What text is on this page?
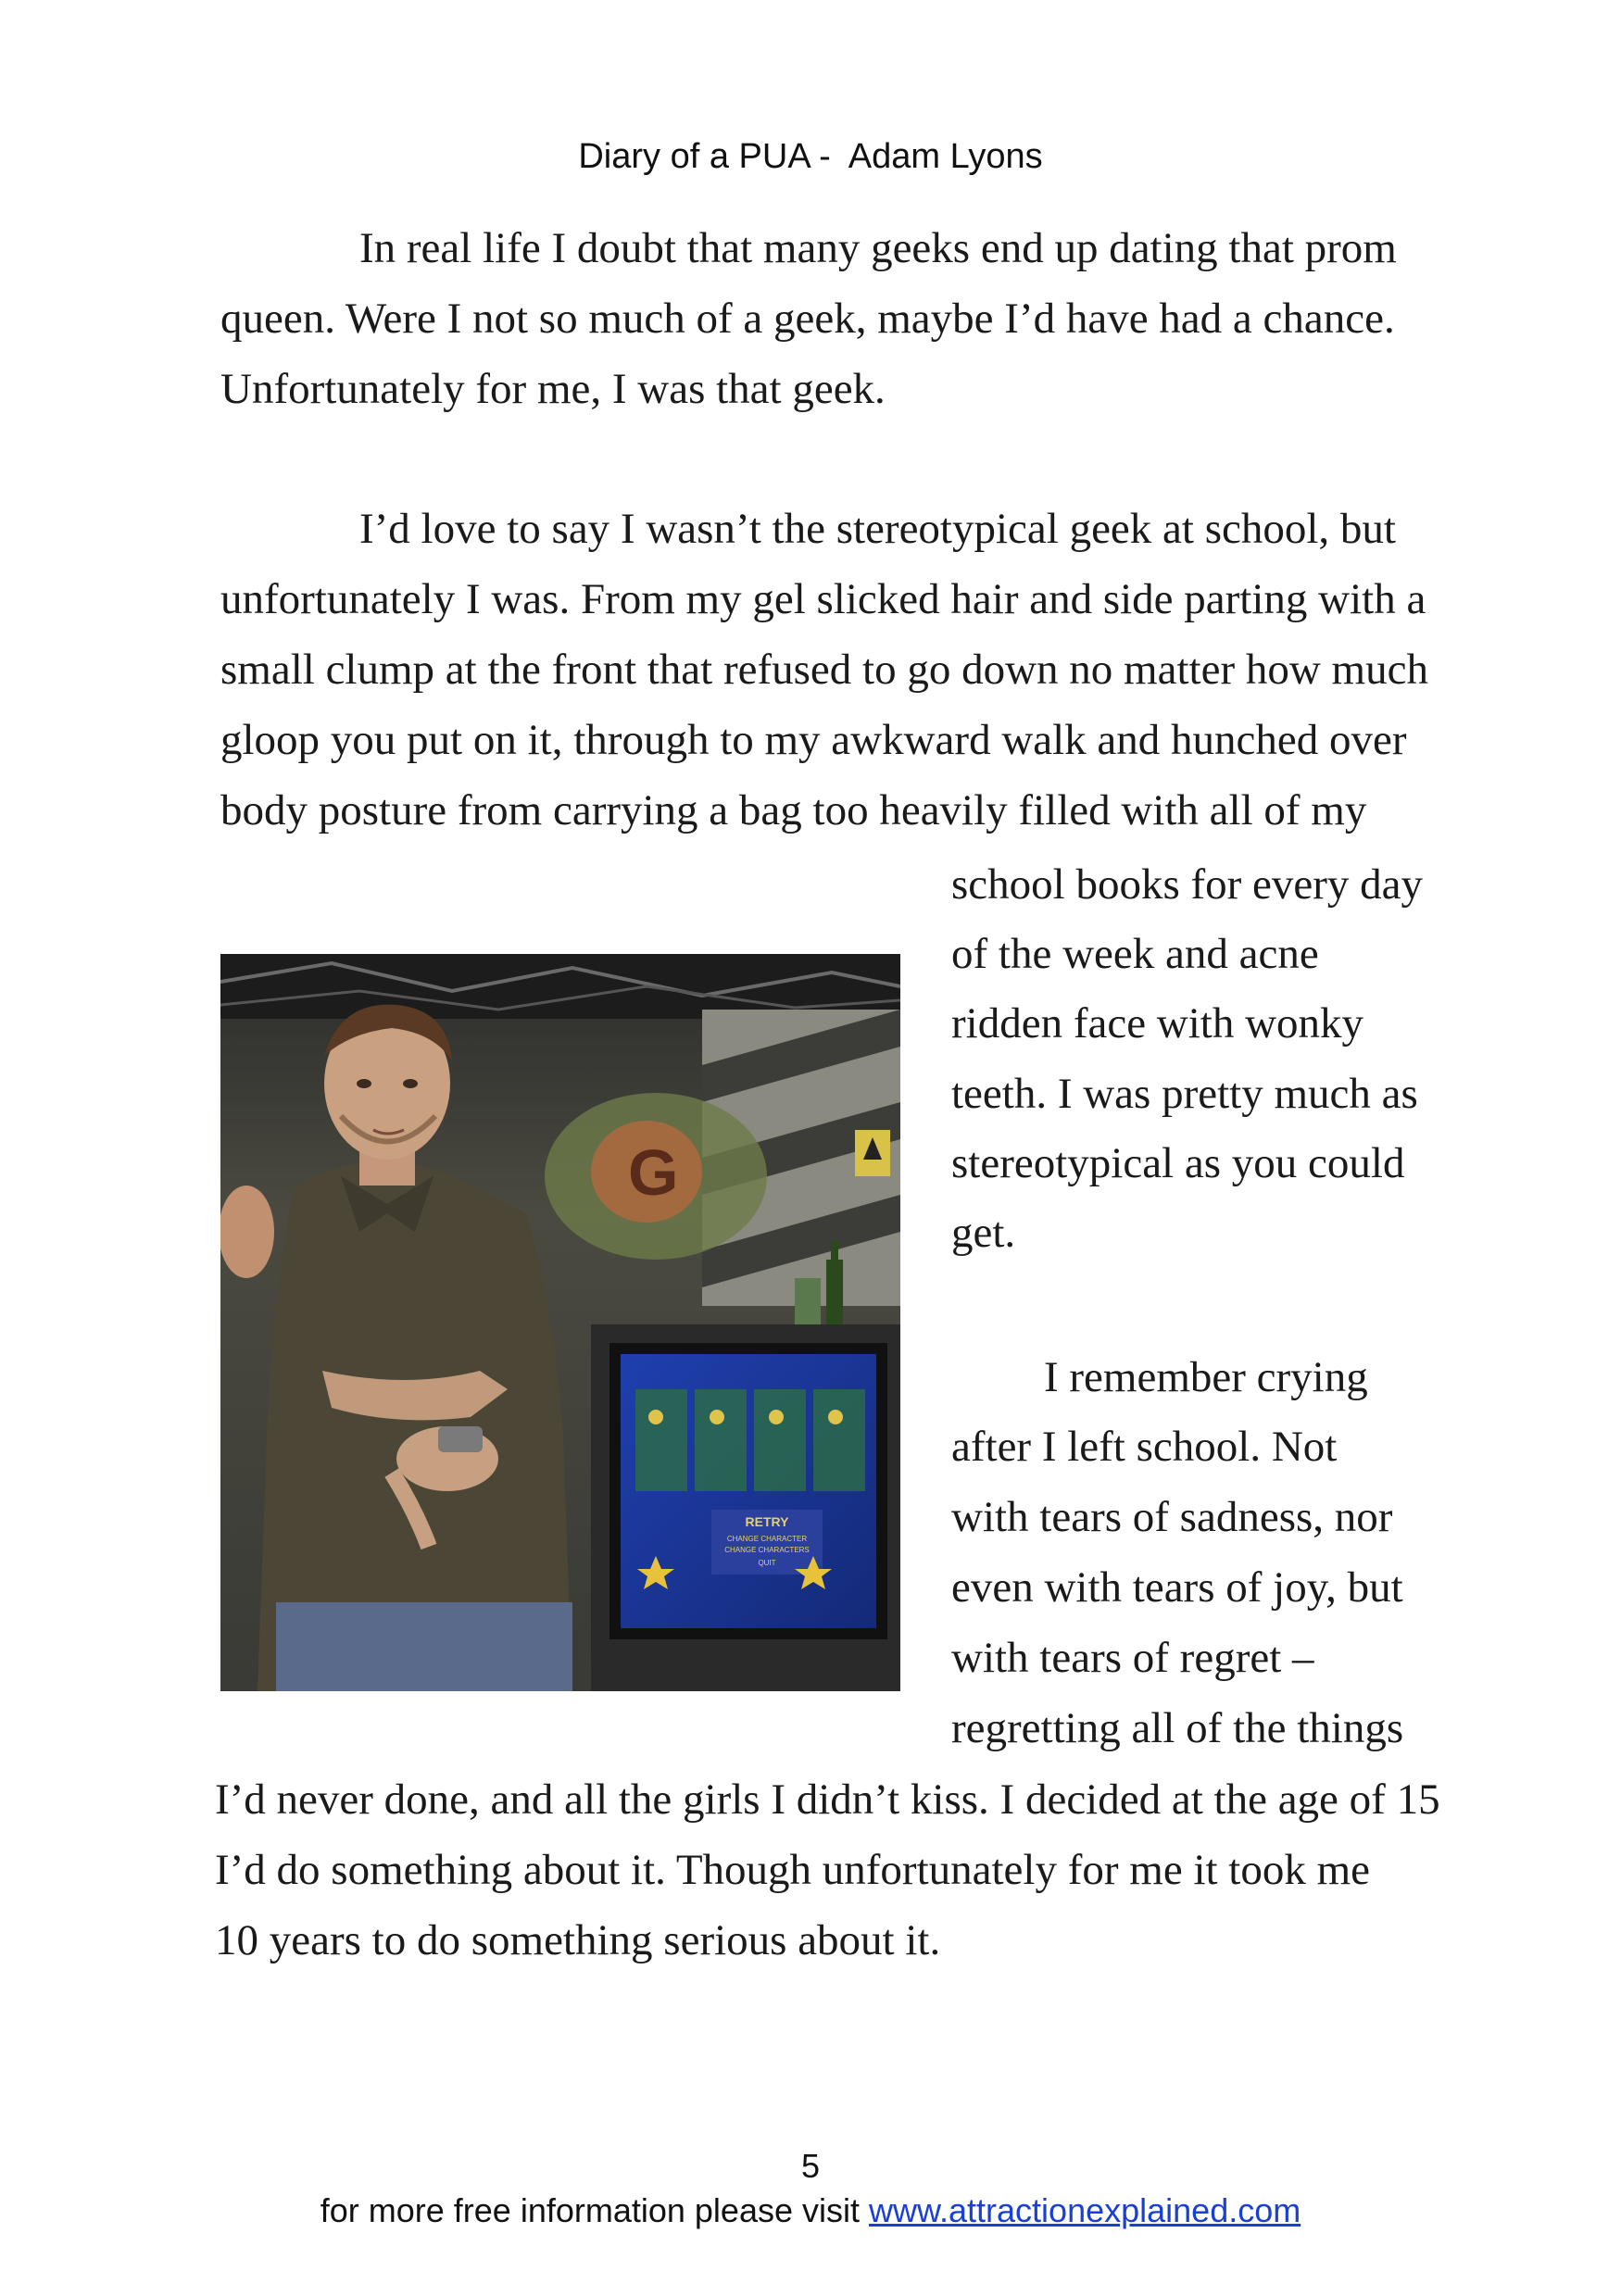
Diary of a PUA -  Adam Lyons
In real life I doubt that many geeks end up dating that prom
queen. Were I not so much of a geek, maybe I’d have had a chance.
Unfortunately for me, I was that geek.
I’d love to say I wasn’t the stereotypical geek at school, but
unfortunately I was. From my gel slicked hair and side parting with a
small clump at the front that refused to go down no matter how much
gloop you put on it, through to my awkward walk and hunched over
body posture from carrying a bag too heavily filled with all of my
school books for every day
of the week and acne
ridden face with wonky
teeth. I was pretty much as
stereotypical as you could
get.
I remember crying
after I left school. Not
with tears of sadness, nor
even with tears of joy, but
with tears of regret –
regretting all of the things
I’d never done, and all the girls I didn’t kiss. I decided at the age of 15
I’d do something about it. Though unfortunately for me it took me
10 years to do something serious about it.
G
RETRY
CHANGE CHARACTER
CHANGE CHARACTERS
QUIT
5
for more free information please visit www.attractionexplained.com
